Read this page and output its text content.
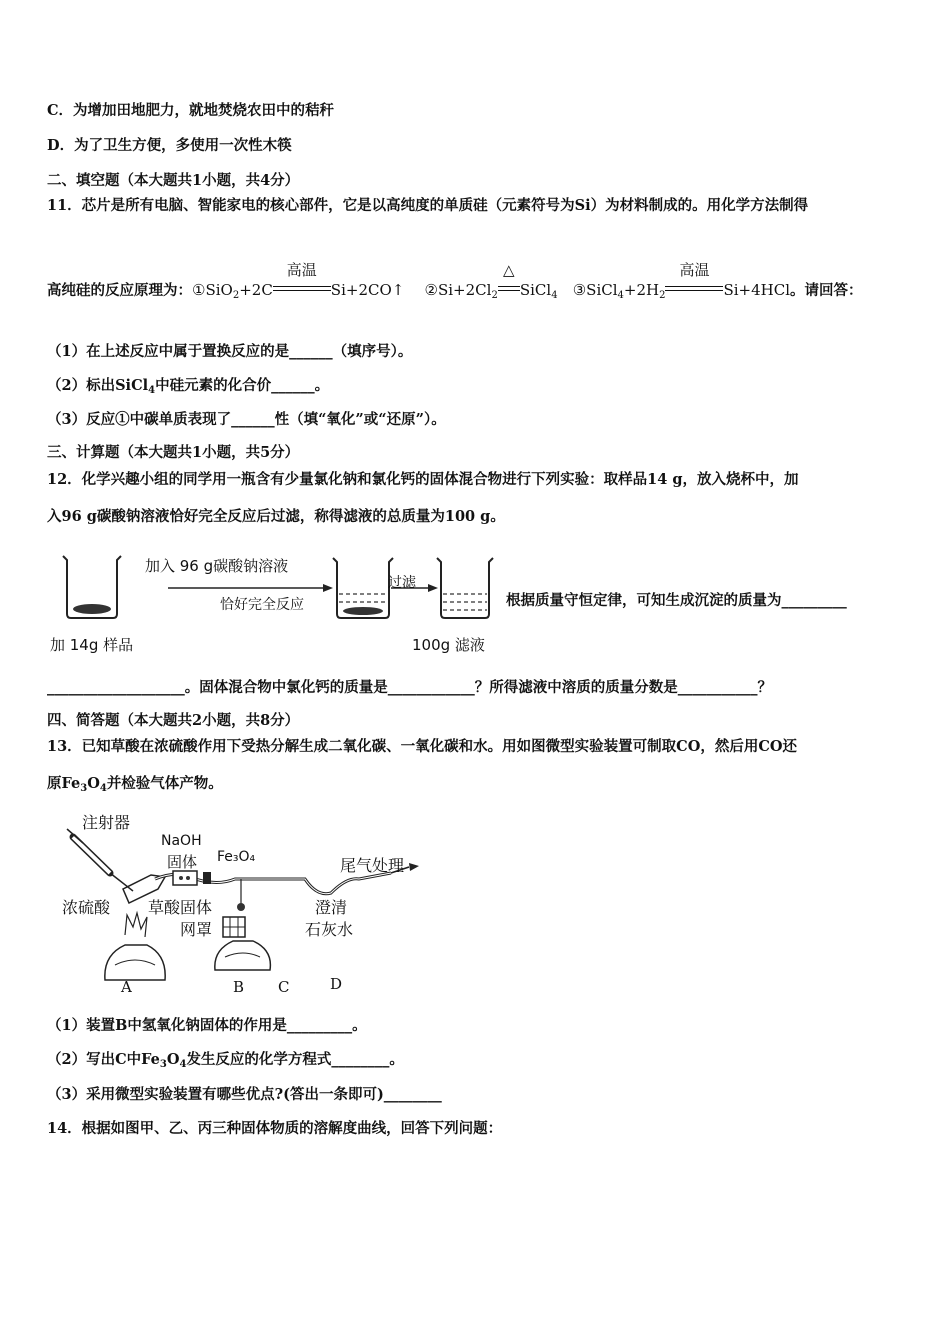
C．为增加田地肥力，就地焚烧农田中的秸秆
D．为了卫生方便，多使用一次性木筷
二、填空题（本大题共1小题，共4分）
11．芯片是所有电脑、智能家电的核心部件，它是以高纯度的单质硅（元素符号为Si）为材料制成的。用化学方法制得
高纯硅的反应原理为：①SiO$_2$+2C
高温
Si+2CO↑ $②Si+2Cl_2$
△
SiCl$_4$ $③SiCl_4+2H_2$
高温
Si+4HCl。请回答：
（1）在上述反应中属于置换反应的是______（填序号）。
（2）标出SiCl$_4$中硅元素的化合价______。
（3）反应①中碳单质表现了______性（填“氧化”或“还原”）。
三、计算题（本大题共1小题，共5分）
12．化学兴趣小组的同学用一瓶含有少量氯化钠和氯化钙的固体混合物进行下列实验：取样品14 g，放入烧杯中，加
入96 g碳酸钠溶液恰好完全反应后过滤，称得滤液的总质量为100 g。
加入 96 g碳酸钠溶液
恰好完全反应
过滤
加 14g 样品	100g 滤液
根据质量守恒定律，可知生成沉淀的质量为_________
___________________。固体混合物中氯化钙的质量是____________？所得滤液中溶质的质量分数是___________？
四、简答题（本大题共2小题，共8分）
13．已知草酸在浓硫酸作用下受热分解生成二氧化碳、一氧化碳和水。用如图微型实验装置可制取CO，然后用CO还
原$Fe_3O_4$并检验气体产物。
注射器
NaOH
固体 Fe₃O₄	尾气处理
浓硫酸 草酸固体
网罩
澄清
石灰水
A	B C	D
（1）装置B中氢氧化钠固体的作用是_________。
（2）写出C中$Fe_3O_4$发生反应的化学方程式________。
（3）采用微型实验装置有哪些优点?(答出一条即可)________
14．根据如图甲、乙、丙三种固体物质的溶解度曲线，回答下列问题：
